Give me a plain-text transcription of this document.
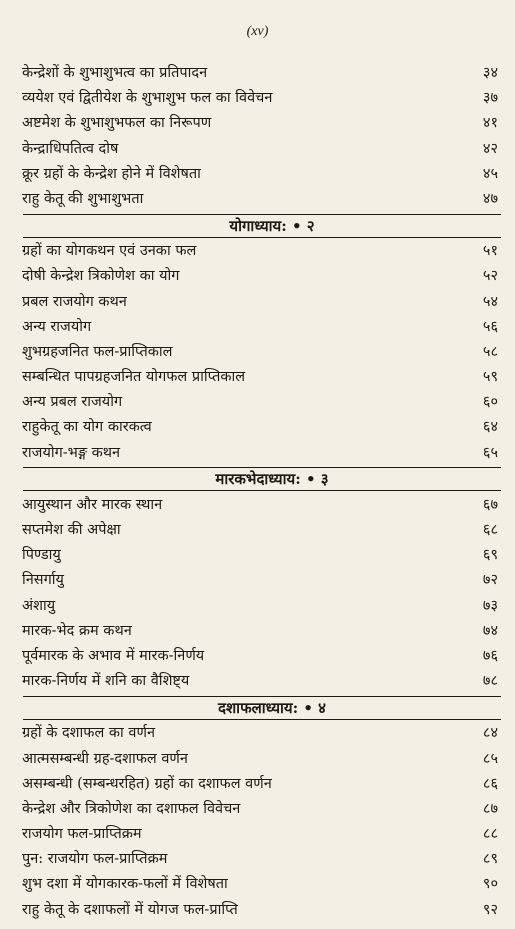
(xv)
केन्द्रेशों के शुभाशुभत्व का प्रतिपादन	३४
व्ययेश एवं द्वितीयेश के शुभाशुभ फल का विवेचन	३७
अष्टमेश के शुभाशुभफल का निरूपण	४१
केन्द्राधिपतित्व दोष	४२
क्रूर ग्रहों के केन्द्रेश होने में विशेषता	४५
राहु केतू की शुभाशुभता	४७
योगाध्याय: • २
ग्रहों का योगकथन एवं उनका फल	५१
दोषी केन्द्रेश त्रिकोणेश का योग	५२
प्रबल राजयोग कथन	५४
अन्य राजयोग	५६
शुभग्रहजनित फल-प्राप्तिकाल	५८
सम्बन्धित पापग्रहजनित योगफल प्राप्तिकाल	५९
अन्य प्रबल राजयोग	६०
राहुकेतू का योग कारकत्व	६४
राजयोग-भङ्ग कथन	६५
मारकभेदाध्याय: • ३
आयुस्थान और मारक स्थान	६७
सप्तमेश की अपेक्षा	६८
पिण्डायु	६९
निसर्गायु	७२
अंशायु	७३
मारक-भेद क्रम कथन	७४
पूर्वमारक के अभाव में मारक-निर्णय	७६
मारक-निर्णय में शनि का वैशिष्ट्य	७८
दशाफलाध्याय: • ४
ग्रहों के दशाफल का वर्णन	८४
आत्मसम्बन्धी ग्रह-दशाफल वर्णन	८५
असम्बन्धी (सम्बन्धरहित) ग्रहों का दशाफल वर्णन	८६
केन्द्रेश और त्रिकोणेश का दशाफल विवेचन	८७
राजयोग फल-प्राप्तिक्रम	८८
पुन: राजयोग फल-प्राप्तिक्रम	८९
शुभ दशा में योगकारक-फलों में विशेषता	९०
राहु केतू के दशाफलों में योगज फल-प्राप्ति	९२
